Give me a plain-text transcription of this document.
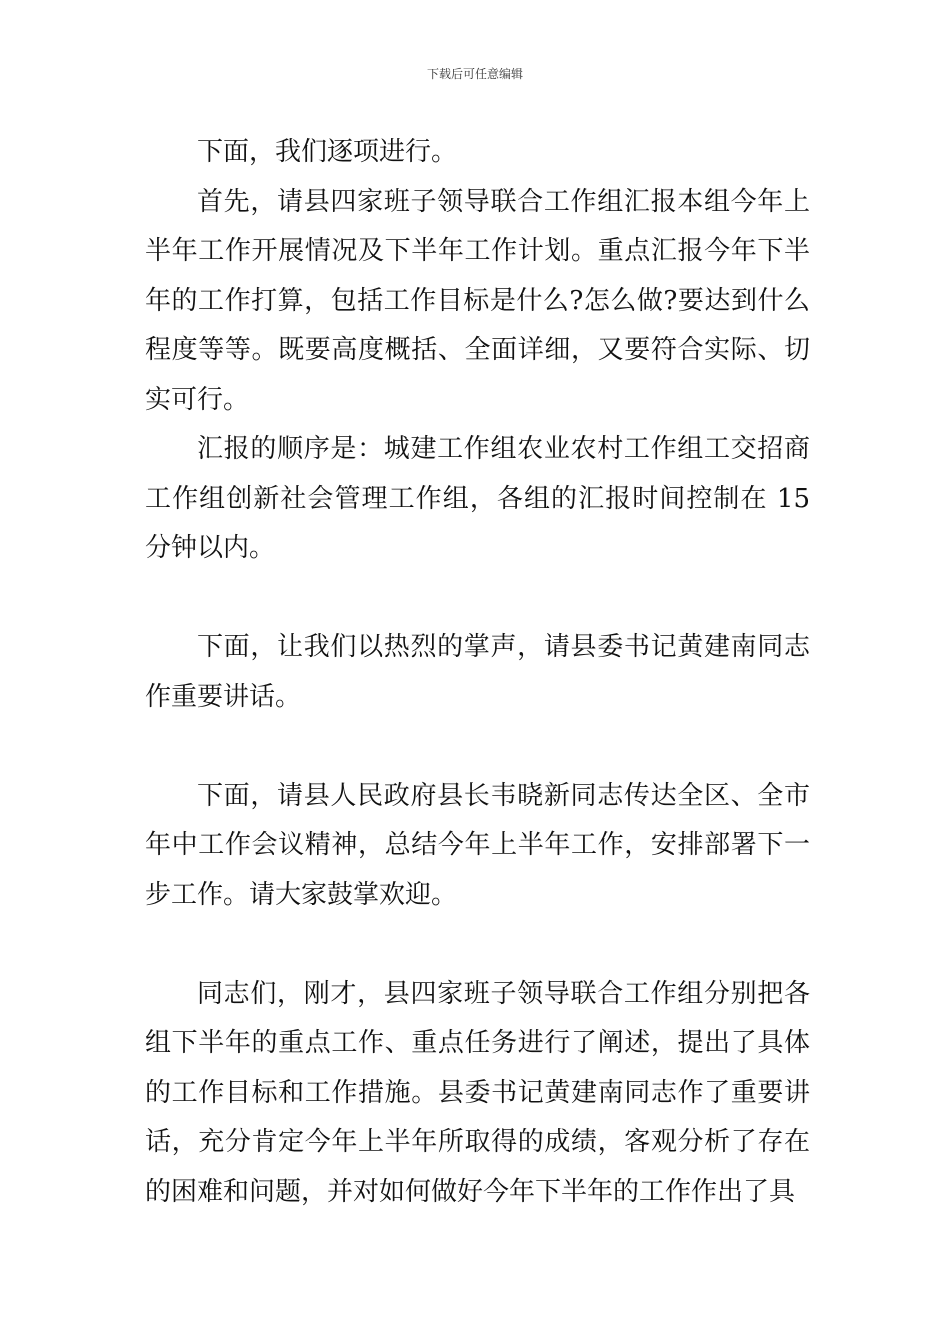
下载后可任意编辑

下面，我们逐项进行。

首先，请县四家班子领导联合工作组汇报本组今年上半年工作开展情况及下半年工作计划。重点汇报今年下半年的工作打算，包括工作目标是什么?怎么做?要达到什么程度等等。既要高度概括、全面详细，又要符合实际、切实可行。

汇报的顺序是：城建工作组农业农村工作组工交招商工作组创新社会管理工作组，各组的汇报时间控制在 15 分钟以内。

下面，让我们以热烈的掌声，请县委书记黄建南同志作重要讲话。

下面，请县人民政府县长韦晓新同志传达全区、全市年中工作会议精神，总结今年上半年工作，安排部署下一步工作。请大家鼓掌欢迎。

同志们，刚才，县四家班子领导联合工作组分别把各组下半年的重点工作、重点任务进行了阐述，提出了具体的工作目标和工作措施。县委书记黄建南同志作了重要讲话，充分肯定今年上半年所取得的成绩，客观分析了存在的困难和问题，并对如何做好今年下半年的工作作出了具
